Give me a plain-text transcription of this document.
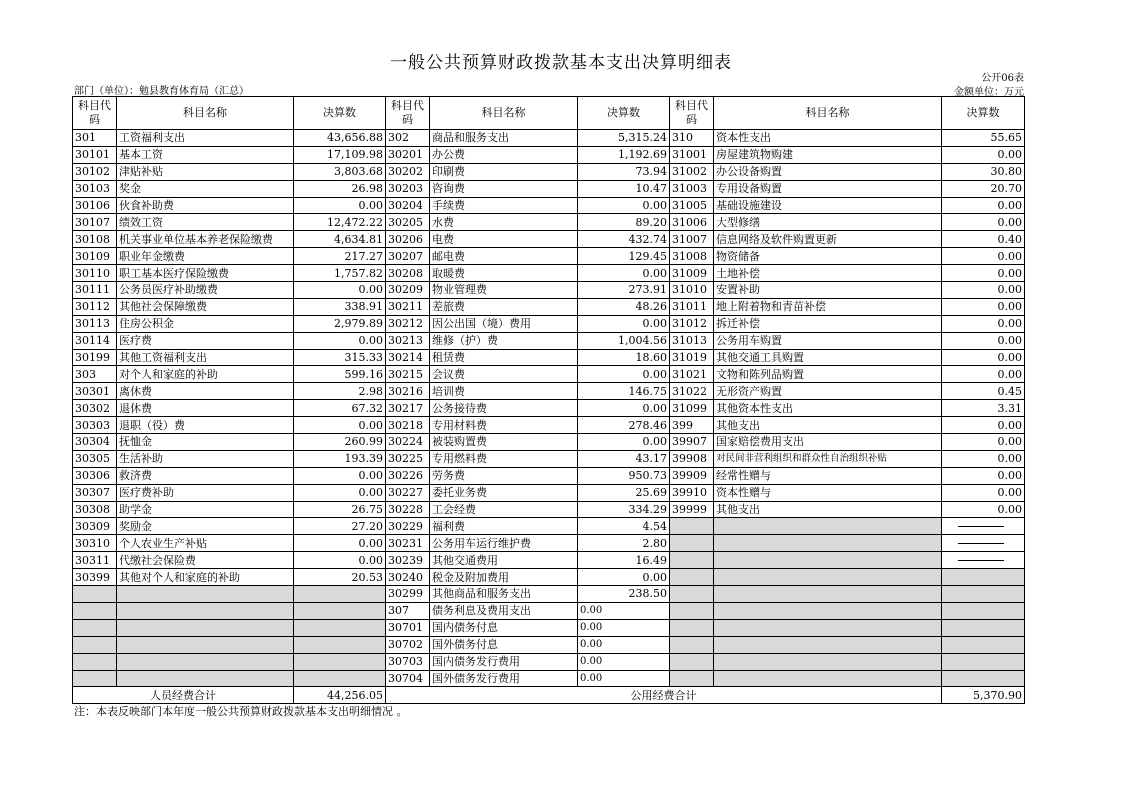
一般公共预算财政拨款基本支出决算明细表
部门（单位）：勉县教育体育局（汇总）
公开06表
金额单位：万元
科目代码	科目名称	决算数	科目代码	科目名称	决算数	科目代码	科目名称	决算数
301	工资福利支出	43,656.88	302	商品和服务支出	5,315.24	310	资本性支出	55.65
30101	基本工资	17,109.98	30201	办公费	1,192.69	31001	房屋建筑物购建	0.00
30102	津贴补贴	3,803.68	30202	印刷费	73.94	31002	办公设备购置	30.80
30103	奖金	26.98	30203	咨询费	10.47	31003	专用设备购置	20.70
30106	伙食补助费	0.00	30204	手续费	0.00	31005	基础设施建设	0.00
30107	绩效工资	12,472.22	30205	水费	89.20	31006	大型修缮	0.00
30108	机关事业单位基本养老保险缴费	4,634.81	30206	电费	432.74	31007	信息网络及软件购置更新	0.40
30109	职业年金缴费	217.27	30207	邮电费	129.45	31008	物资储备	0.00
30110	职工基本医疗保险缴费	1,757.82	30208	取暖费	0.00	31009	土地补偿	0.00
30111	公务员医疗补助缴费	0.00	30209	物业管理费	273.91	31010	安置补助	0.00
30112	其他社会保障缴费	338.91	30211	差旅费	48.26	31011	地上附着物和青苗补偿	0.00
30113	住房公积金	2,979.89	30212	因公出国（境）费用	0.00	31012	拆迁补偿	0.00
30114	医疗费	0.00	30213	维修（护）费	1,004.56	31013	公务用车购置	0.00
30199	其他工资福利支出	315.33	30214	租赁费	18.60	31019	其他交通工具购置	0.00
303	对个人和家庭的补助	599.16	30215	会议费	0.00	31021	文物和陈列品购置	0.00
30301	离休费	2.98	30216	培训费	146.75	31022	无形资产购置	0.45
30302	退休费	67.32	30217	公务接待费	0.00	31099	其他资本性支出	3.31
30303	退职（役）费	0.00	30218	专用材料费	278.46	399	其他支出	0.00
30304	抚恤金	260.99	30224	被装购置费	0.00	39907	国家赔偿费用支出	0.00
30305	生活补助	193.39	30225	专用燃料费	43.17	39908	对民间非营利组织和群众性自治组织补贴	0.00
30306	救济费	0.00	30226	劳务费	950.73	39909	经常性赠与	0.00
30307	医疗费补助	0.00	30227	委托业务费	25.69	39910	资本性赠与	0.00
30308	助学金	26.75	30228	工会经费	334.29	39999	其他支出	0.00
30309	奖励金	27.20	30229	福利费	4.54			
30310	个人农业生产补贴	0.00	30231	公务用车运行维护费	2.80			
30311	代缴社会保险费	0.00	30239	其他交通费用	16.49			
30399	其他对个人和家庭的补助	20.53	30240	税金及附加费用	0.00			
			30299	其他商品和服务支出	238.50			
			307	债务利息及费用支出	0.00			
			30701	国内债务付息	0.00			
			30702	国外债务付息	0.00			
			30703	国内债务发行费用	0.00			
			30704	国外债务发行费用	0.00			
人员经费合计		44,256.05	公用经费合计					5,370.90
注：本表反映部门本年度一般公共预算财政拨款基本支出明细情况 。
